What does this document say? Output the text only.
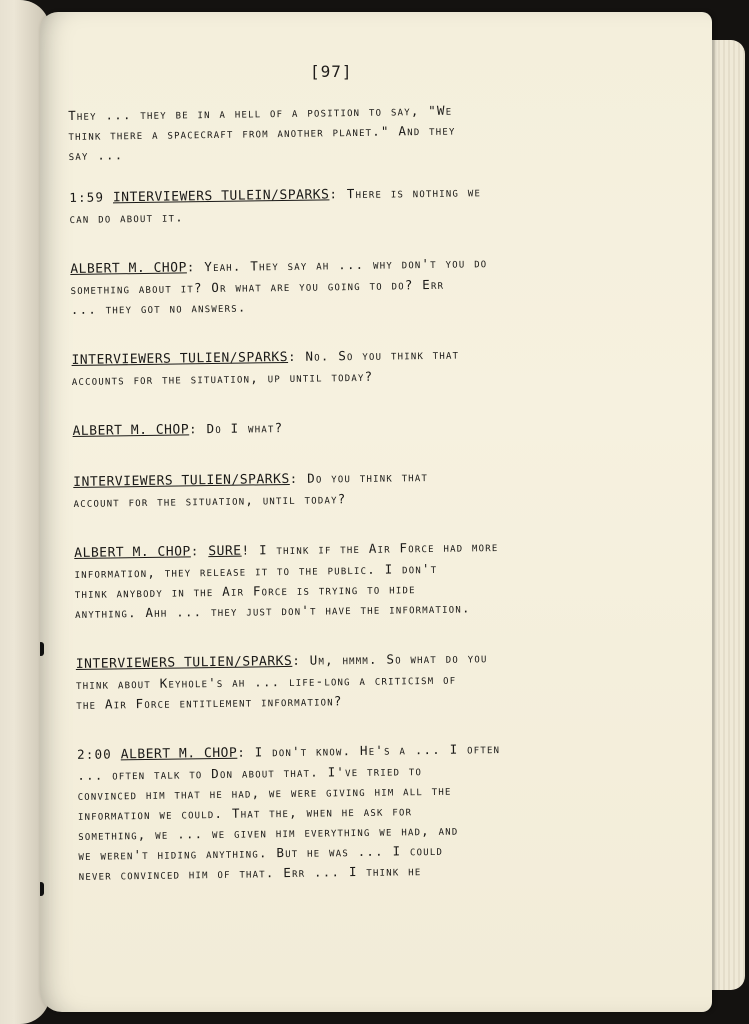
[97]

They ... they be in a hell of a position to say, "We
think there a spacecraft from another planet." And they
say ...

1:59 INTERVIEWERS TULEIN/SPARKS: There is nothing we
can do about it.

ALBERT M. CHOP: Yeah. They say ah ... why don't you do
something about it? Or what are you going to do? Err
... they got no answers.

INTERVIEWERS TULIEN/SPARKS: No. So you think that
accounts for the situation, up until today?

ALBERT M. CHOP: Do I what?

INTERVIEWERS TULIEN/SPARKS: Do you think that
account for the situation, until today?

ALBERT M. CHOP: SURE! I think if the Air Force had more
information, they release it to the public. I don't
think anybody in the Air Force is trying to hide
anything. Ahh ... they just don't have the information.

INTERVIEWERS TULIEN/SPARKS: Um, hmmm. So what do you
think about Keyhole's ah ... life-long a criticism of
the Air Force entitlement information?

2:00 ALBERT M. CHOP: I don't know. He's a ... I often
... often talk to Don about that. I've tried to
convinced him that he had, we were giving him all the
information we could. That the, when he ask for
something, we ... we given him everything we had, and
we weren't hiding anything. But he was ... I could
never convinced him of that. Err ... I think he
